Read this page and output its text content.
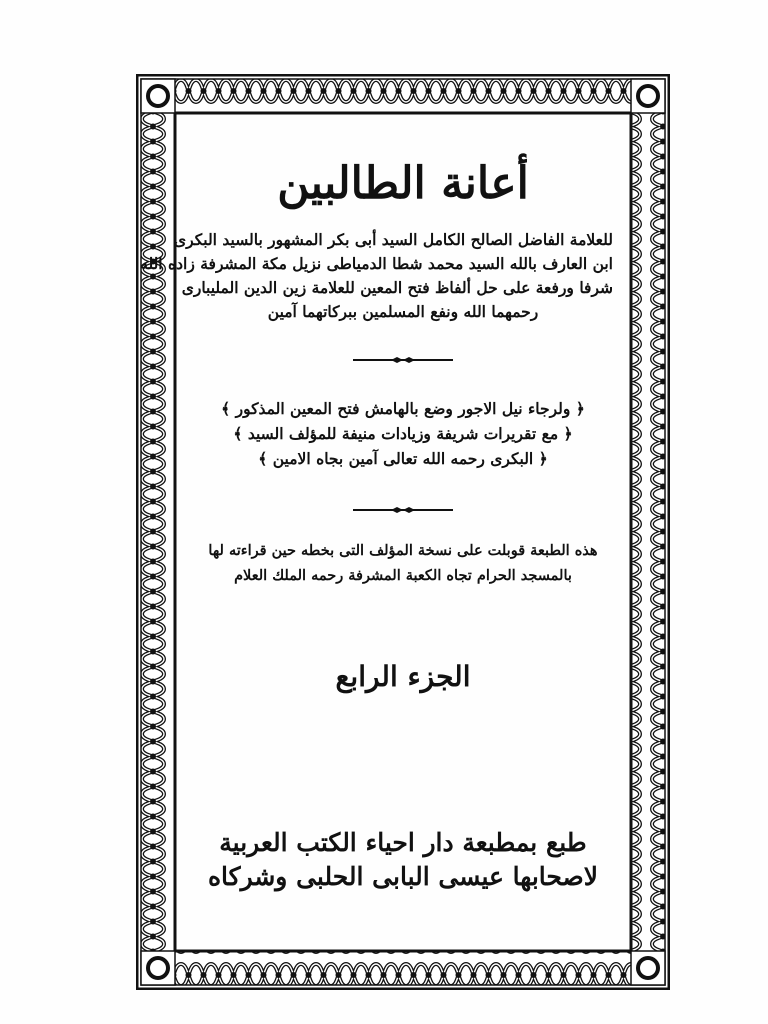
أعانة الطالبين
للعلامة الفاضل الصالح الكامل السيد أبى بكر المشهور بالسيد البكرى
ابن العارف بالله السيد محمد شطا الدمياطى نزيل مكة المشرفة زاده الله
شرفا ورفعة على حل ألفاظ فتح المعين للعلامة زين الدين المليبارى
رحمهما الله ونفع المسلمين ببركاتهما آمين
﴿ ولرجاء نيل الاجور وضع بالهامش فتح المعين المذكور ﴾
﴿ مع تقريرات شريفة وزيادات منيفة للمؤلف السيد ﴾
﴿ البكرى رحمه الله تعالى آمين بجاه الامين ﴾
هذه الطبعة قوبلت على نسخة المؤلف التى بخطه حين قراءته لها
بالمسجد الحرام تجاه الكعبة المشرفة رحمه الملك العلام
الجزء الرابع
طبع بمطبعة دار احياء الكتب العربية
لاصحابها عيسى البابى الحلبى وشركاه
